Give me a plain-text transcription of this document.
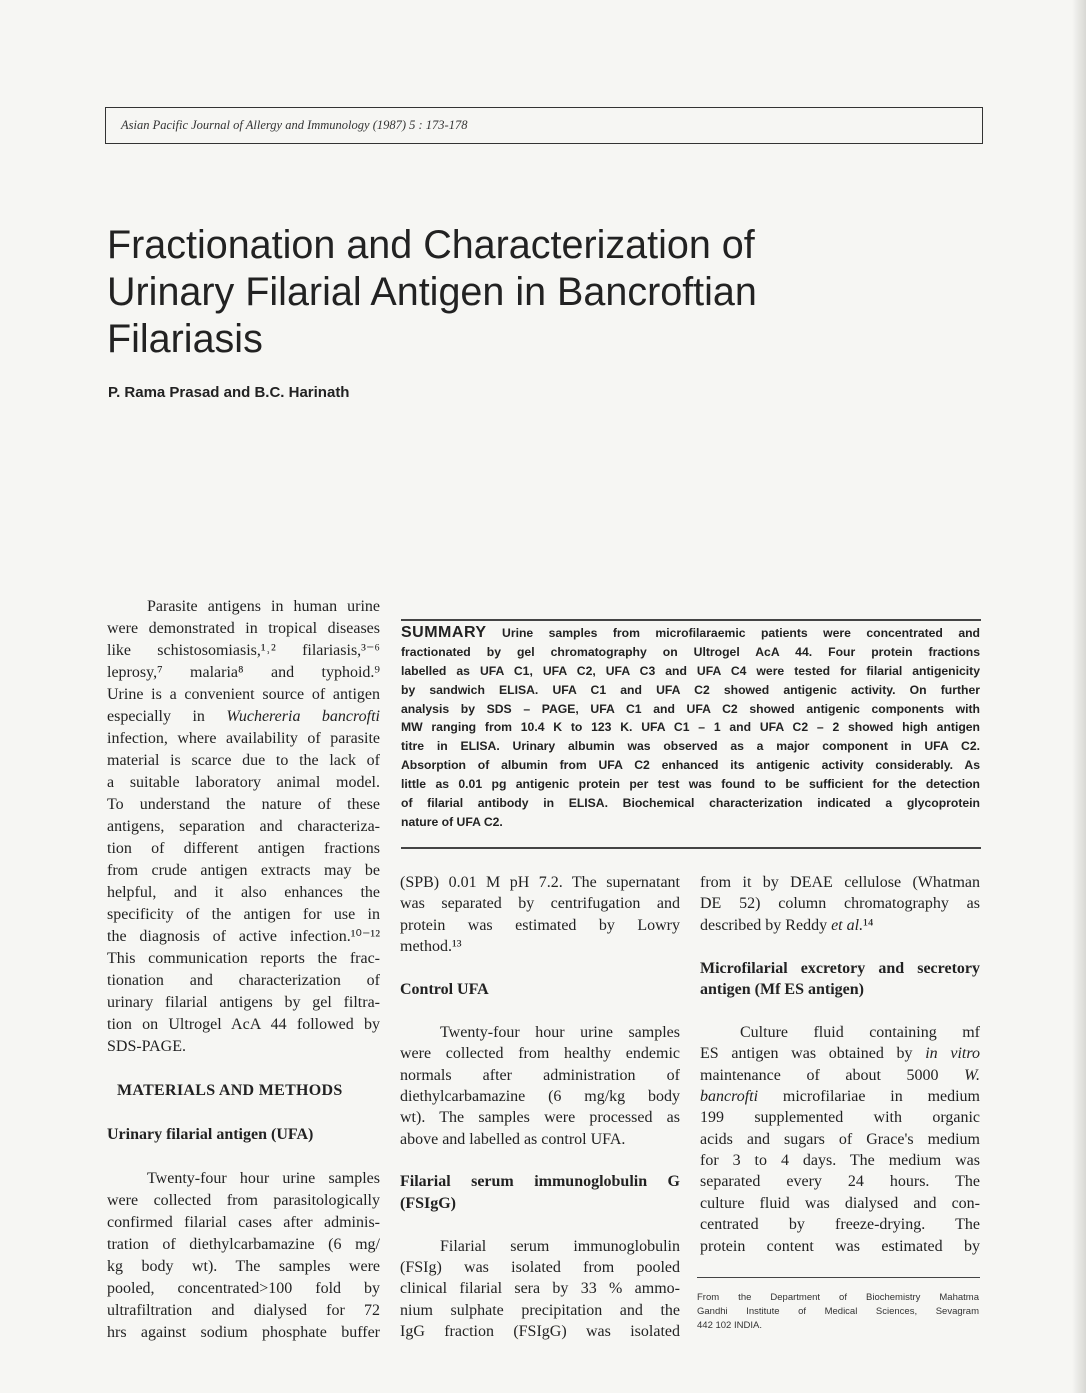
Asian Pacific Journal of Allergy and Immunology (1987) 5 : 173-178
Fractionation and Characterization of
Urinary Filarial Antigen in Bancroftian
Filariasis
P. Rama Prasad and B.C. Harinath
SUMMARY Urine samples from microfilaraemic patients were concentrated and
fractionated by gel chromatography on Ultrogel AcA 44. Four protein fractions
labelled as UFA C1, UFA C2, UFA C3 and UFA C4 were tested for filarial antigenicity
by sandwich ELISA. UFA C1 and UFA C2 showed antigenic activity. On further
analysis by SDS – PAGE, UFA C1 and UFA C2 showed antigenic components with
MW ranging from 10.4 K to 123 K. UFA C1 – 1 and UFA C2 – 2 showed high antigen
titre in ELISA. Urinary albumin was observed as a major component in UFA C2.
Absorption of albumin from UFA C2 enhanced its antigenic activity considerably. As
little as 0.01 pg antigenic protein per test was found to be sufficient for the detection
of filarial antibody in ELISA. Biochemical characterization indicated a glycoprotein
nature of UFA C2.
Parasite antigens in human urine
were demonstrated in tropical diseases
like schistosomiasis,¹˒² filariasis,³⁻⁶
leprosy,⁷ malaria⁸ and typhoid.⁹
Urine is a convenient source of antigen
especially in Wuchereria bancrofti
infection, where availability of parasite
material is scarce due to the lack of
a suitable laboratory animal model.
To understand the nature of these
antigens, separation and characteriza-
tion of different antigen fractions
from crude antigen extracts may be
helpful, and it also enhances the
specificity of the antigen for use in
the diagnosis of active infection.¹⁰⁻¹²
This communication reports the frac-
tionation and characterization of
urinary filarial antigens by gel filtra-
tion on Ultrogel AcA 44 followed by
SDS-PAGE.
MATERIALS AND METHODS
Urinary filarial antigen (UFA)
Twenty-four hour urine samples
were collected from parasitologically
confirmed filarial cases after adminis-
tration of diethylcarbamazine (6 mg/
kg body wt). The samples were
pooled, concentrated>100 fold by
ultrafiltration and dialysed for 72
hrs against sodium phosphate buffer
(SPB) 0.01 M pH 7.2. The supernatant
was separated by centrifugation and
protein was estimated by Lowry
method.¹³
Control UFA
Twenty-four hour urine samples
were collected from healthy endemic
normals after administration of
diethylcarbamazine (6 mg/kg body
wt). The samples were processed as
above and labelled as control UFA.
Filarial serum immunoglobulin G
(FSIgG)
Filarial serum immunoglobulin
(FSIg) was isolated from pooled
clinical filarial sera by 33 % ammo-
nium sulphate precipitation and the
IgG fraction (FSIgG) was isolated
from it by DEAE cellulose (Whatman
DE 52) column chromatography as
described by Reddy et al.¹⁴
Microfilarial excretory and secretory
antigen (Mf ES antigen)
Culture fluid containing mf
ES antigen was obtained by in vitro
maintenance of about 5000 W.
bancrofti microfilariae in medium
199 supplemented with organic
acids and sugars of Grace's medium
for 3 to 4 days. The medium was
separated every 24 hours. The
culture fluid was dialysed and con-
centrated by freeze-drying. The
protein content was estimated by
From the Department of Biochemistry Mahatma
Gandhi Institute of Medical Sciences, Sevagram
442 102 INDIA.
